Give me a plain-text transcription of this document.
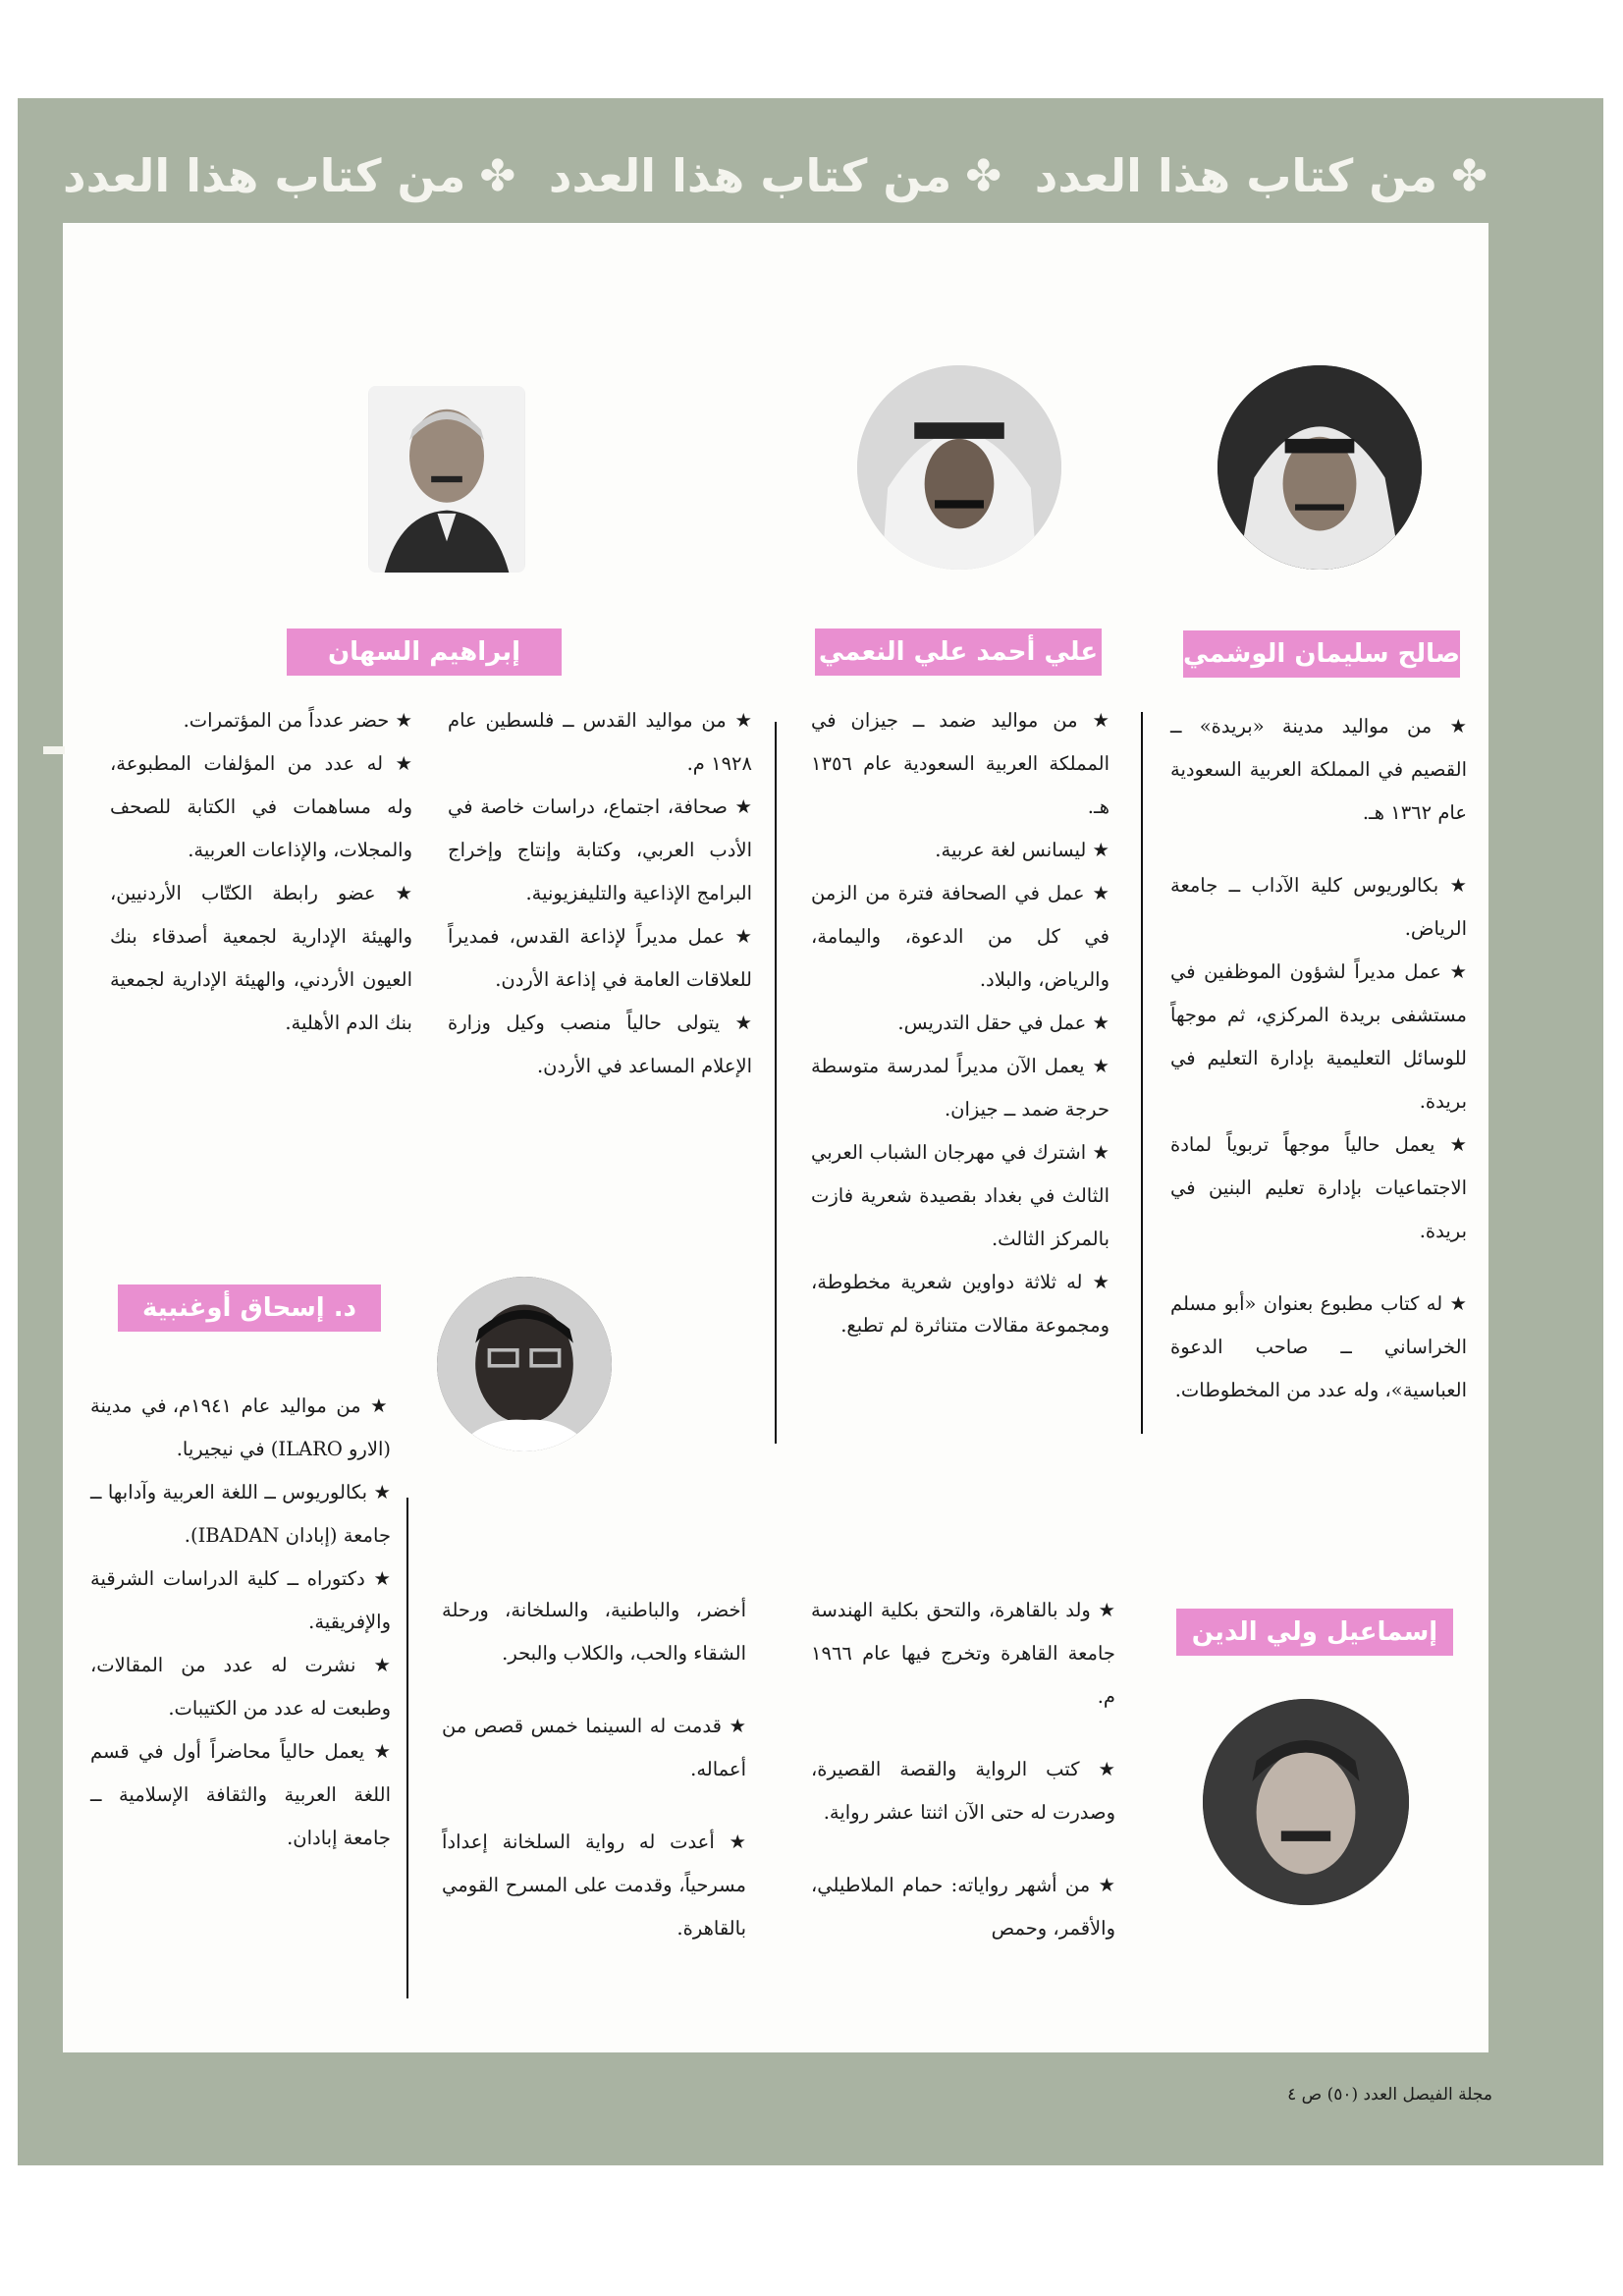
✤
من كتاب هذا العدد
✤
من كتاب هذا العدد
✤
من كتاب هذا العدد
صالح سليمان الوشمي
علي أحمد علي النعمي
إبراهيم السهان
د. إسحاق أوغنبية
إسماعيل ولي الدين

★ من مواليد مدينة «بريدة» ــ القصيم في المملكة العربية السعودية عام ١٣٦٢ هـ.

★ بكالوريوس كلية الآداب ــ جامعة الرياض.

★ عمل مديراً لشؤون الموظفين في مستشفى بريدة المركزي، ثم موجهاً للوسائل التعليمية بإدارة التعليم في بريدة.

★ يعمل حالياً موجهاً تربوياً لمادة الاجتماعيات بإدارة تعليم البنين في بريدة.

★ له كتاب مطبوع بعنوان «أبو مسلم الخراساني ــ صاحب الدعوة العباسية»، وله عدد من المخطوطات.

★ من مواليد ضمد ــ جيزان في المملكة العربية السعودية عام ١٣٥٦ هـ.

★ ليسانس لغة عربية.

★ عمل في الصحافة فترة من الزمن في كل من الدعوة، واليمامة، والرياض، والبلاد.

★ عمل في حقل التدريس.

★ يعمل الآن مديراً لمدرسة متوسطة حرجة ضمد ــ جيزان.

★ اشترك في مهرجان الشباب العربي الثالث في بغداد بقصيدة شعرية فازت بالمركز الثالث.

★ له ثلاثة دواوين شعرية مخطوطة، ومجموعة مقالات متناثرة لم تطبع.

★ من مواليد القدس ــ فلسطين عام ١٩٢٨ م.

★ صحافة، اجتماع، دراسات خاصة في الأدب العربي، وكتابة وإنتاج وإخراج البرامج الإذاعية والتليفزيونية.

★ عمل مديراً لإذاعة القدس، فمديراً للعلاقات العامة في إذاعة الأردن.

★ يتولى حالياً منصب وكيل وزارة الإعلام المساعد في الأردن.

★ حضر عدداً من المؤتمرات.

★ له عدد من المؤلفات المطبوعة، وله مساهمات في الكتابة للصحف والمجلات، والإذاعات العربية.

★ عضو رابطة الكتّاب الأردنيين، والهيئة الإدارية لجمعية أصدقاء بنك العيون الأردني، والهيئة الإدارية لجمعية بنك الدم الأهلية.

★ من مواليد عام ١٩٤١م، في مدينة (الارو ILARO) في نيجيريا.

★ بكالوريوس ــ اللغة العربية وآدابها ــ جامعة (إبادان IBADAN).

★ دكتوراه ــ كلية الدراسات الشرقية والإفريقية.

★ نشرت له عدد من المقالات، وطبعت له عدد من الكتيبات.

★ يعمل حالياً محاضراً أول في قسم اللغة العربية والثقافة الإسلامية ــ جامعة إبادان.

★ ولد بالقاهرة، والتحق بكلية الهندسة جامعة القاهرة وتخرج فيها عام ١٩٦٦ م.

★ كتب الرواية والقصة القصيرة، وصدرت له حتى الآن اثنتا عشر رواية.

★ من أشهر رواياته: حمام الملاطيلي، والأقمر، وحمص

أخضر، والباطنية، والسلخانة، ورحلة الشقاء والحب، والكلاب والبحر.

★ قدمت له السينما خمس قصص من أعماله.

★ أعدت له رواية السلخانة إعداداً مسرحياً، وقدمت على المسرح القومي بالقاهرة.

مجلة الفيصل العدد (٥٠) ص ٤
